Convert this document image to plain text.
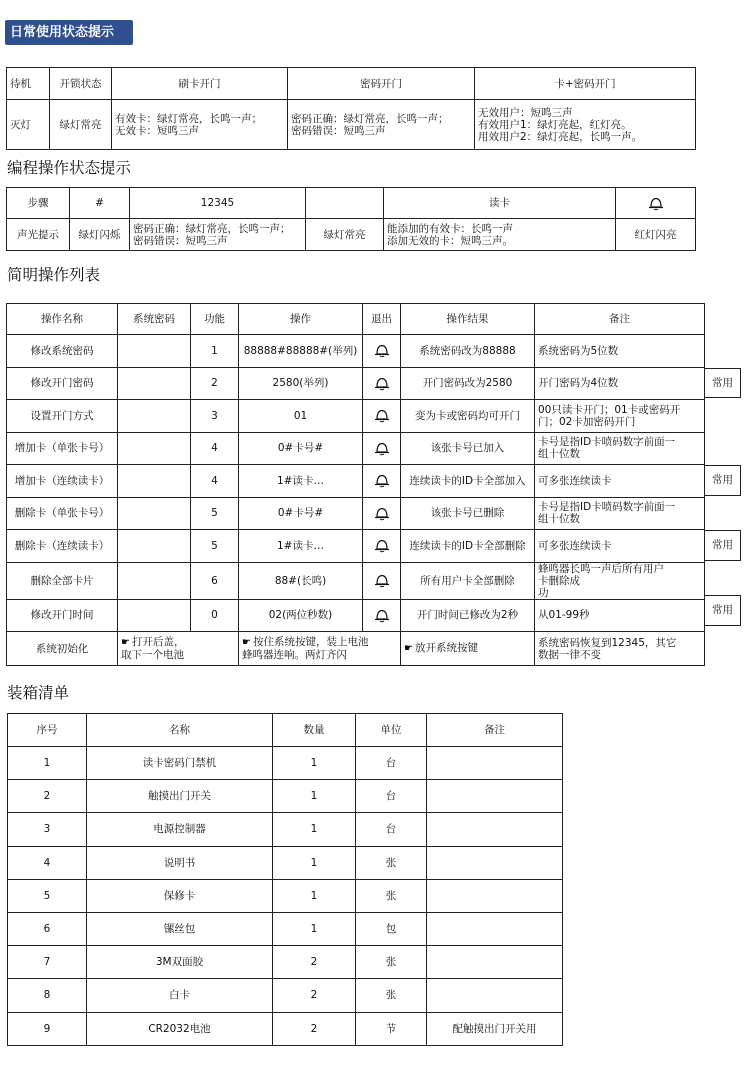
日常使用状态提示
待机	开锁状态	刷卡开门	密码开门	卡+密码开门
灭灯	绿灯常亮	有效卡：绿灯常亮，长鸣一声；
无效卡：短鸣三声	密码正确：绿灯常亮，长鸣一声；
密码错误：短鸣三声	无效用户：短鸣三声
有效用户1：绿灯亮起，红灯亮。
用效用户2：绿灯亮起，长鸣一声。
编程操作状态提示
步骤	#	12345		读卡	
声光提示	绿灯闪烁	密码正确：绿灯常亮，长鸣一声；
密码错误：短鸣三声	绿灯常亮	能添加的有效卡：长鸣一声
添加无效的卡：短鸣三声。	红灯闪亮
简明操作列表
操作名称	系统密码	功能	操作	退出	操作结果	备注
修改系统密码		1	88888#88888#(举列)		系统密码改为88888	系统密码为5位数
修改开门密码		2	2580(举列)		开门密码改为2580	开门密码为4位数
设置开门方式		3	01		变为卡或密码均可开门	00只读卡开门；01卡或密码开
门；02卡加密码开门
增加卡（单张卡号）		4	0#卡号#		该张卡号已加入	卡号是指ID卡喷码数字前面一
组十位数
增加卡（连续读卡）		4	1#读卡…		连续读卡的ID卡全部加入	可多张连续读卡
删除卡（单张卡号）		5	0#卡号#		该张卡号已删除	卡号是指ID卡喷码数字前面一
组十位数
删除卡（连续读卡）		5	1#读卡…		连续读卡的ID卡全部删除	可多张连续读卡
删除全部卡片		6	88#(长鸣)		所有用户卡全部删除	蜂鸣器长鸣一声后所有用户
卡删除成
功
修改开门时间		0	02(两位秒数)		开门时间已修改为2秒	从01-99秒
系统初始化	☛ 打开后盖，
取下一个电池		☛ 按住系统按键，装上电池
蜂鸣器连响。两灯齐闪		☛ 放开系统按键	系统密码恢复到12345，其它
数据一律不变
常用
常用
常用
常用
装箱清单
序号	名称	数量	单位	备注
1	读卡密码门禁机	1	台	
2	触摸出门开关	1	台	
3	电源控制器	1	台	
4	说明书	1	张	
5	保修卡	1	张	
6	镙丝包	1	包	
7	3M双面胶	2	张	
8	白卡	2	张	
9	CR2032电池	2	节	配触摸出门开关用
